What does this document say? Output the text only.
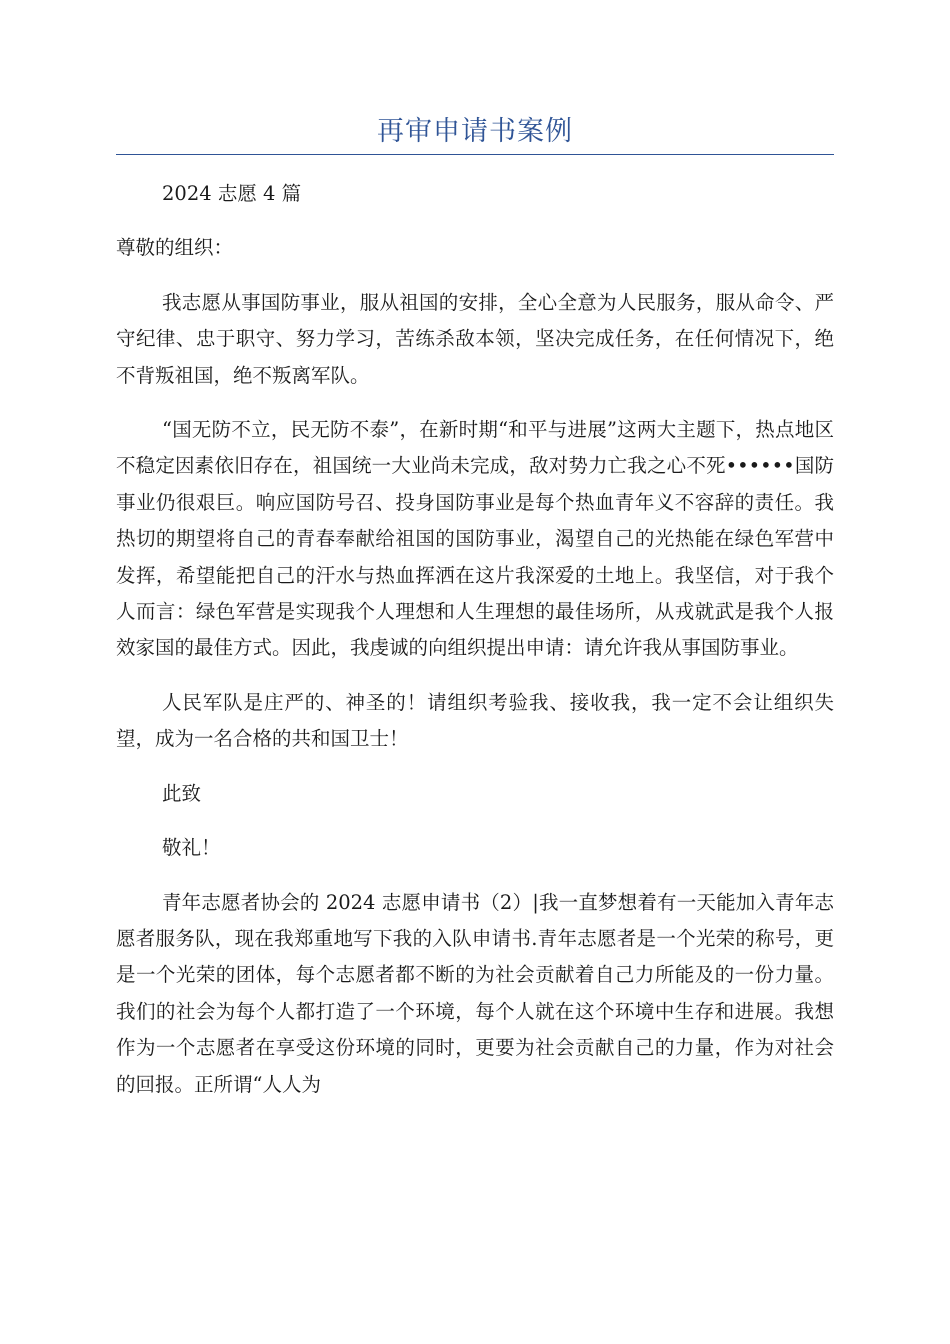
再审申请书案例

2024 志愿 4 篇

尊敬的组织：

我志愿从事国防事业，服从祖国的安排，全心全意为人民服务，服从命令、严守纪律、忠于职守、努力学习，苦练杀敌本领，坚决完成任务，在任何情况下，绝不背叛祖国，绝不叛离军队。

“国无防不立，民无防不泰”，在新时期“和平与进展”这两大主题下，热点地区不稳定因素依旧存在，祖国统一大业尚未完成，敌对势力亡我之心不死••••••国防事业仍很艰巨。响应国防号召、投身国防事业是每个热血青年义不容辞的责任。我热切的期望将自己的青春奉献给祖国的国防事业，渴望自己的光热能在绿色军营中发挥，希望能把自己的汗水与热血挥洒在这片我深爱的土地上。我坚信，对于我个人而言：绿色军营是实现我个人理想和人生理想的最佳场所，从戎就武是我个人报效家国的最佳方式。因此，我虔诚的向组织提出申请：请允许我从事国防事业。

人民军队是庄严的、神圣的！请组织考验我、接收我，我一定不会让组织失望，成为一名合格的共和国卫士！

此致

敬礼！

青年志愿者协会的 2024 志愿申请书（2）|我一直梦想着有一天能加入青年志愿者服务队，现在我郑重地写下我的入队申请书.青年志愿者是一个光荣的称号，更是一个光荣的团体，每个志愿者都不断的为社会贡献着自己力所能及的一份力量。我们的社会为每个人都打造了一个环境，每个人就在这个环境中生存和进展。我想作为一个志愿者在享受这份环境的同时，更要为社会贡献自己的力量，作为对社会的回报。正所谓“人人为
